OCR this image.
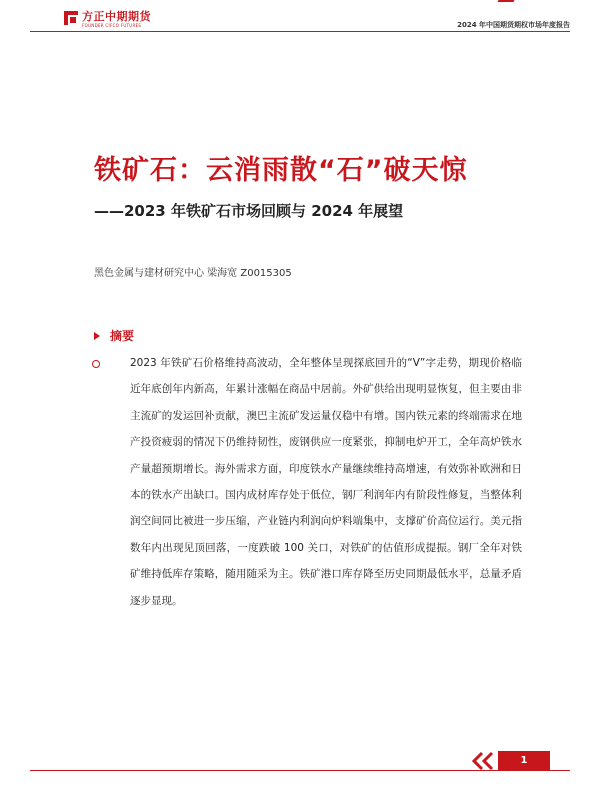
方正中期期货
FOUNDER CIFCO FUTURES	2024 年中国期货期权市场年度报告
铁矿石：云消雨散“石”破天惊
——2023 年铁矿石市场回顾与 2024 年展望
黑色金属与建材研究中心 梁海宽 Z0015305
摘要
2023 年铁矿石价格维持高波动，全年整体呈现探底回升的“V”字走势，期现价格临近年底创年内新高，年累计涨幅在商品中居前。外矿供给出现明显恢复，但主要由非主流矿的发运回补贡献，澳巴主流矿发运量仅稳中有增。国内铁元素的终端需求在地产投资疲弱的情况下仍维持韧性，废钢供应一度紧张，抑制电炉开工，全年高炉铁水产量超预期增长。海外需求方面，印度铁水产量继续维持高增速，有效弥补欧洲和日本的铁水产出缺口。国内成材库存处于低位，钢厂利润年内有阶段性修复，当整体利润空间同比被进一步压缩，产业链内利润向炉料端集中，支撑矿价高位运行。美元指数年内出现见顶回落，一度跌破 100 关口，对铁矿的估值形成提振。钢厂全年对铁矿维持低库存策略，随用随采为主。铁矿港口库存降至历史同期最低水平，总量矛盾逐步显现。
1
